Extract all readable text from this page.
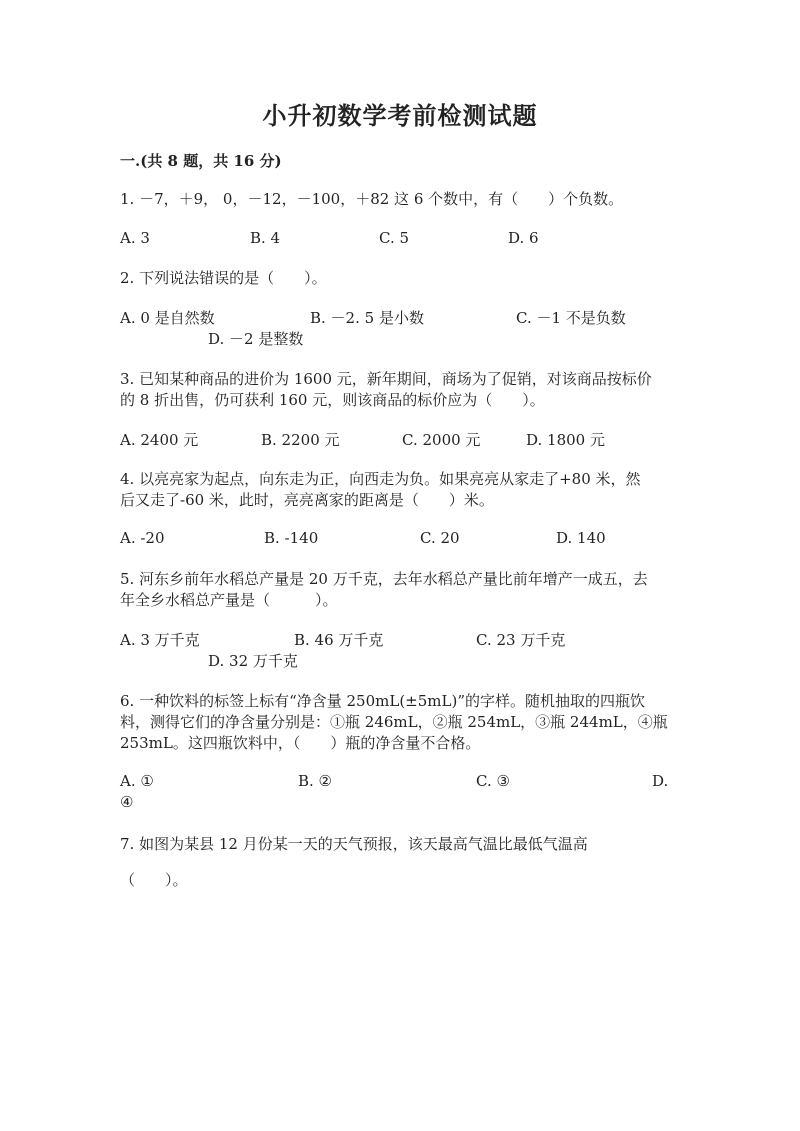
小升初数学考前检测试题
一.(共 8 题，共 16 分)
1. －7，＋9， 0，－12，－100，＋82 这 6 个数中，有（　　）个负数。
A. 3	B. 4	C. 5	D. 6
2. 下列说法错误的是（　　）。
A. 0 是自然数	B. －2. 5 是小数	C. －1 不是负数
D. －2 是整数
3. 已知某种商品的进价为 1600 元，新年期间，商场为了促销，对该商品按标价
的 8 折出售，仍可获利 160 元，则该商品的标价应为（　　）。
A. 2400 元	B. 2200 元	C. 2000 元	D. 1800 元
4. 以亮亮家为起点，向东走为正，向西走为负。如果亮亮从家走了+80 米，然
后又走了-60 米，此时，亮亮离家的距离是（　　）米。
A. -20	B. -140	C. 20	D. 140
5. 河东乡前年水稻总产量是 20 万千克，去年水稻总产量比前年增产一成五，去
年全乡水稻总产量是（　　　）。
A. 3 万千克	B. 46 万千克	C. 23 万千克
D. 32 万千克
6. 一种饮料的标签上标有“净含量 250mL(±5mL)”的字样。随机抽取的四瓶饮
料，测得它们的净含量分别是：①瓶 246mL，②瓶 254mL，③瓶 244mL，④瓶
253mL。这四瓶饮料中，（　　）瓶的净含量不合格。
A. ①	B. ②	C. ③	D.
④
7. 如图为某县 12 月份某一天的天气预报，该天最高气温比最低气温高
（　　）。
